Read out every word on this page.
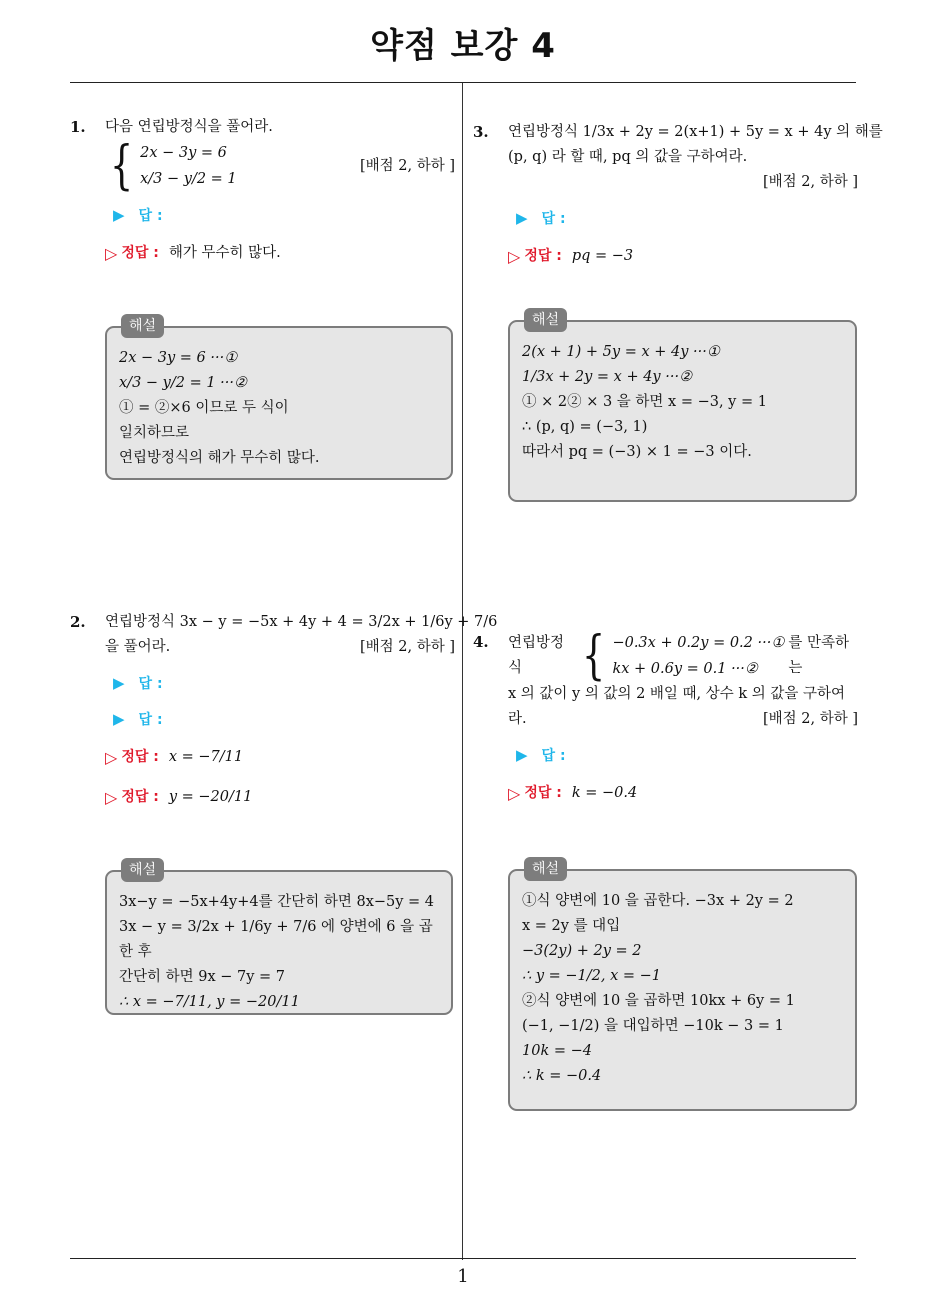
약점 보강 4
1
1. 다음 연립방정식을 풀어라.
{ 2x − 3y = 6
x/3 − y/2 = 1
[배점 2, 하하 ]
▶ 답 :
▷ 정답 : 해가 무수히 많다.
해설
2x − 3y = 6 ···①
x/3 − y/2 = 1 ···②
① = ②×6 이므로 두 식이
일치하므로
연립방정식의 해가 무수히 많다.
2. 연립방정식 3x − y = −5x + 4y + 4 = 3/2x + 1/6y + 7/6
을 풀어라.	[배점 2, 하하 ]
▶ 답 :
▶ 답 :
▷ 정답 : x = −7/11
▷ 정답 : y = −20/11
해설
3x−y = −5x+4y+4를 간단히 하면 8x−5y = 4
3x − y = 3/2x + 1/6y + 7/6 에 양변에 6 을 곱한 후
간단히 하면 9x − 7y = 7
∴ x = −7/11, y = −20/11
3. 연립방정식 1/3x + 2y = 2(x+1) + 5y = x + 4y 의 해를
(p, q) 라 할 때, pq 의 값을 구하여라.
[배점 2, 하하 ]
▶ 답 :
▷ 정답 : pq = −3
해설
2(x + 1) + 5y = x + 4y ···①
1/3x + 2y = x + 4y ···②
① × 2② × 3 을 하면 x = −3, y = 1
∴ (p, q) = (−3, 1)
따라서 pq = (−3) × 1 = −3 이다.
4. 연립방정식	{ −0.3x + 0.2y = 0.2 ···①
kx + 0.6y = 0.1 ···②
를 만족하는
x 의 값이 y 의 값의 2 배일 때, 상수 k 의 값을 구하여
라.	[배점 2, 하하 ]
▶ 답 :
▷ 정답 : k = −0.4
해설
①식 양변에 10 을 곱한다. −3x + 2y = 2
x = 2y 를 대입
−3(2y) + 2y = 2
∴ y = −1/2, x = −1
②식 양변에 10 을 곱하면 10kx + 6y = 1
(−1, −1/2) 을 대입하면 −10k − 3 = 1
10k = −4
∴ k = −0.4
